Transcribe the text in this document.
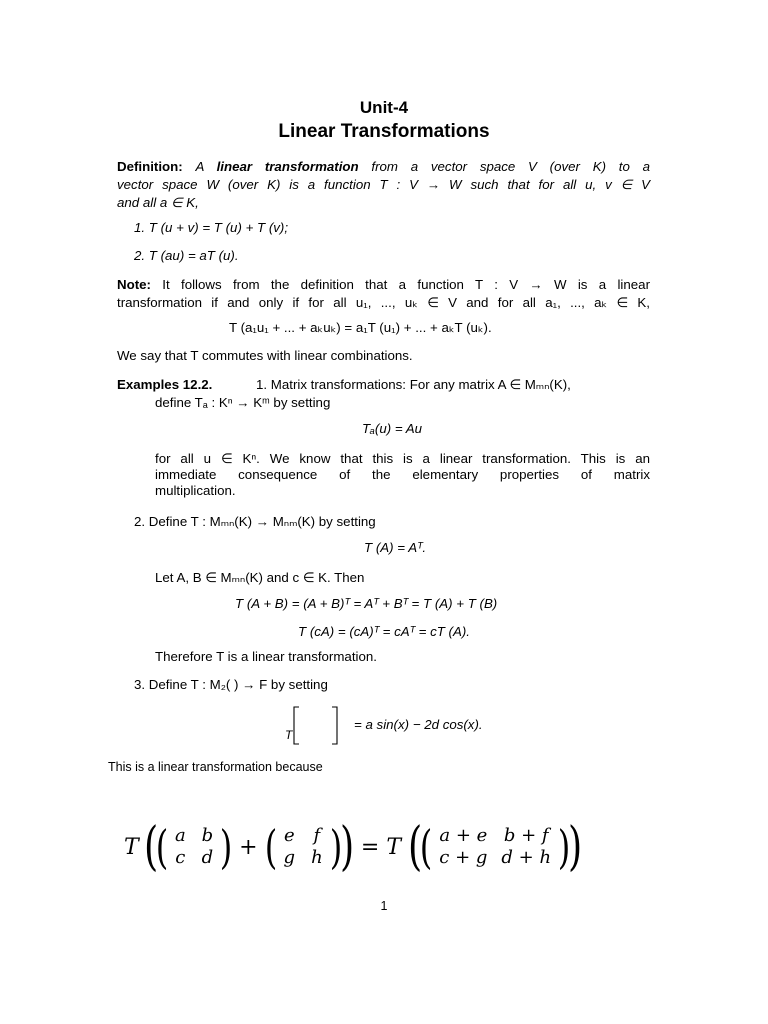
Unit-4
Linear Transformations
Definition: A linear transformation from a vector space V (over K) to a
vector space W (over K) is a function T : V → W such that for all u, v ∈ V
and all a ∈ K,
1. T (u + v) = T (u) + T (v);
2. T (au) = aT (u).
Note: It follows from the definition that a function T : V → W is a linear
transformation if and only if for all u₁, ..., uₖ ∈ V and for all a₁, ..., aₖ ∈ K,
T (a₁u₁ + ... + aₖuₖ) = a₁T (u₁) + ... + aₖT (uₖ).
We say that T commutes with linear combinations.
Examples 12.2.	1. Matrix transformations: For any matrix A ∈ Mₘₙ(K),
define Tₐ : Kⁿ → Kᵐ by setting
Tₐ(u) = Au
for all u ∈ Kⁿ. We know that this is a linear transformation. This is an
immediate consequence of the elementary properties of matrix
multiplication.
2. Define T : Mₘₙ(K) → Mₙₘ(K) by setting
T (A) = Aᵀ.
Let A, B ∈ Mₘₙ(K) and c ∈ K. Then
T (A + B) = (A + B)ᵀ = Aᵀ + Bᵀ = T (A) + T (B)
T (cA) = (cA)ᵀ = cAᵀ = cT (A).
Therefore T is a linear transformation.
3. Define T : M₂( ) → F by setting
T
= a sin(x) − 2d cos(x).
This is a linear transformation because
T (
( a b
c d ) + ( e f
g h )
) = T (
( a + e b + f
c + g d + h )
)
1
